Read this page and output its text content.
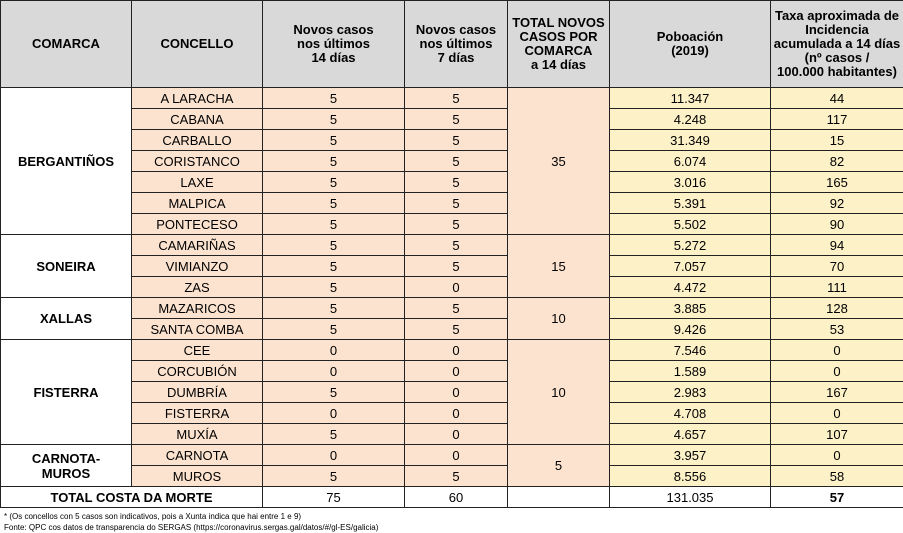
COMARCA	CONCELLO	Novos casos
nos últimos
14 días	Novos casos
nos últimos
7 días	TOTAL NOVOS
CASOS POR
COMARCA
a 14 días	Poboación
(2019)	Taxa aproximada de
Incidencia
acumulada a 14 días
(nº casos /
100.000 habitantes)
BERGANTIÑOS	A LARACHA	5	5	35	11.347	44
	CABANA	5	5		4.248	117
	CARBALLO	5	5		31.349	15
	CORISTANCO	5	5		6.074	82
	LAXE	5	5		3.016	165
	MALPICA	5	5		5.391	92
	PONTECESO	5	5		5.502	90
SONEIRA	CAMARIÑAS	5	5	15	5.272	94
	VIMIANZO	5	5		7.057	70
	ZAS	5	0		4.472	111
XALLAS	MAZARICOS	5	5	10	3.885	128
	SANTA COMBA	5	5		9.426	53
FISTERRA	CEE	0	0	10	7.546	0
	CORCUBIÓN	0	0		1.589	0
	DUMBRÍA	5	0		2.983	167
	FISTERRA	0	0		4.708	0
	MUXÍA	5	0		4.657	107
CARNOTA-
MUROS	CARNOTA	0	0	5	3.957	0
	MUROS	5	5		8.556	58
TOTAL COSTA DA MORTE		75	60		131.035	57
* (Os concellos con 5 casos son indicativos, pois a Xunta indica que hai entre 1 e 9)
Fonte: QPC cos datos de transparencia do SERGAS (https://coronavirus.sergas.gal/datos/#/gl-ES/galicia)
